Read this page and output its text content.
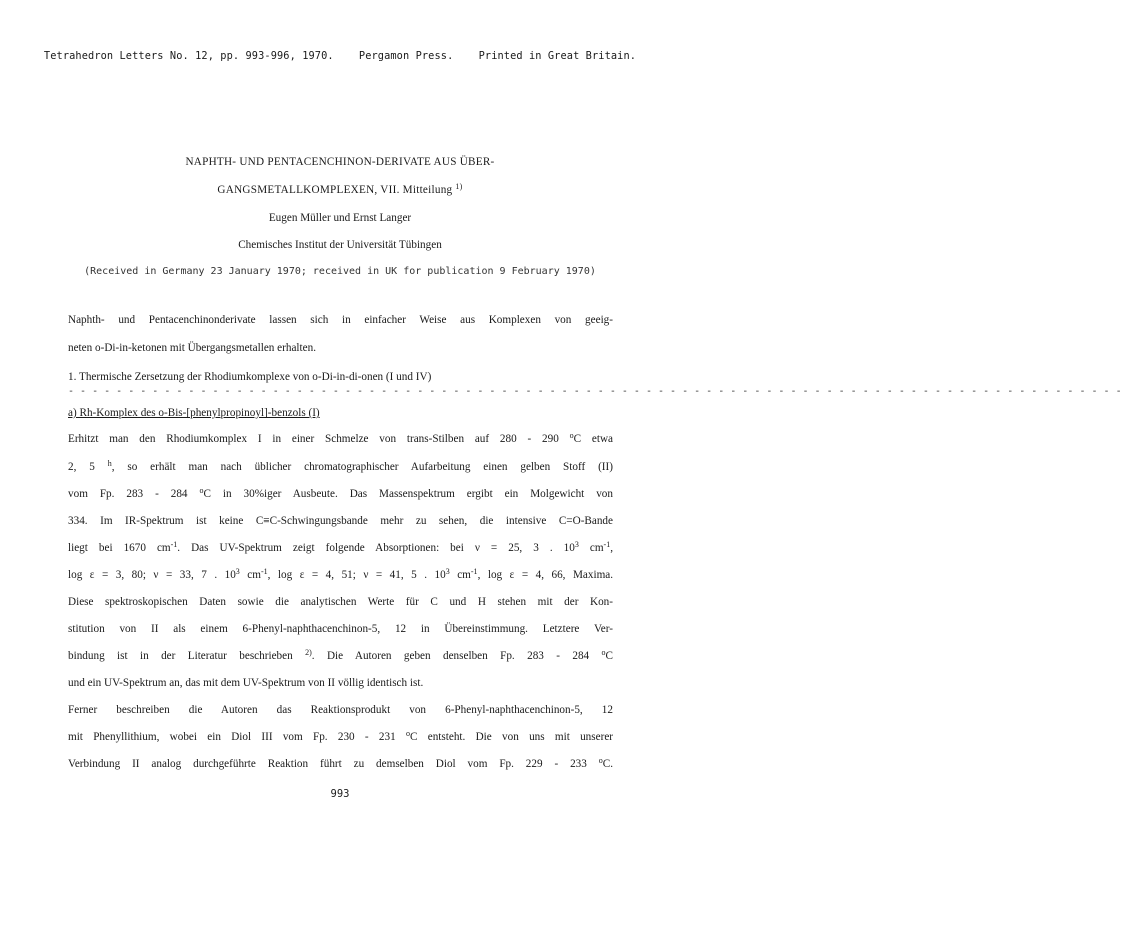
Tetrahedron Letters No. 12, pp. 993-996, 1970. Pergamon Press. Printed in Great Britain.
NAPHTH- UND PENTACENCHINON-DERIVATE AUS ÜBER-
GANGSMETALLKOMPLEXEN, VII. Mitteilung $^{1)}$
Eugen Müller und Ernst Langer
Chemisches Institut der Universität Tübingen
(Received in Germany 23 January 1970; received in UK for publication 9 February 1970)
Naphth- und Pentacenchinonderivate lassen sich in einfacher Weise aus Komplexen von geeig-
neten o-Di-in-ketonen mit Übergangsmetallen erhalten.
1. Thermische Zersetzung der Rhodiumkomplexe von o-Di-in-di-onen (I und IV)
- - - - - - - - - - - - - - - - - - - - - - - - - - - - - - - - - - - - - - - - - - - - - - - - - - - - - - - - - - - - - - - - - - - - - - - - - - - - - - - - - - - - - - - -
a) Rh-Komplex des o-Bis-[phenylpropinoyl]-benzols (I)
Erhitzt man den Rhodiumkomplex I in einer Schmelze von trans-Stilben auf 280 - 290 $^o$C etwa
2, 5 $^h$, so erhält man nach üblicher chromatographischer Aufarbeitung einen gelben Stoff (II)
vom Fp. 283 - 284 $^o$C in 30%iger Ausbeute. Das Massenspektrum ergibt ein Molgewicht von
334. Im IR-Spektrum ist keine C≡C-Schwingungsbande mehr zu sehen, die intensive C=O-Bande
liegt bei 1670 $cm^{-1}$. Das UV-Spektrum zeigt folgende Absorptionen: bei ν = 25, 3 . $10^3$ $cm^{-1}$,
log ε = 3, 80; ν = 33, 7 . $10^3$ $cm^{-1}$, log ε = 4, 51; ν = 41, 5 . $10^3$ $cm^{-1}$, log ε = 4, 66, Maxima.
Diese spektroskopischen Daten sowie die analytischen Werte für C und H stehen mit der Kon-
stitution von II als einem 6-Phenyl-naphthacenchinon-5, 12 in Übereinstimmung. Letztere Ver-
bindung ist in der Literatur beschrieben $^{2)}$. Die Autoren geben denselben Fp. 283 - 284 $^o$C
und ein UV-Spektrum an, das mit dem UV-Spektrum von II völlig identisch ist.
Ferner beschreiben die Autoren das Reaktionsprodukt von 6-Phenyl-naphthacenchinon-5, 12
mit Phenyllithium, wobei ein Diol III vom Fp. 230 - 231 $^o$C entsteht. Die von uns mit unserer
Verbindung II analog durchgeführte Reaktion führt zu demselben Diol vom Fp. 229 - 233 $^o$C.
993
